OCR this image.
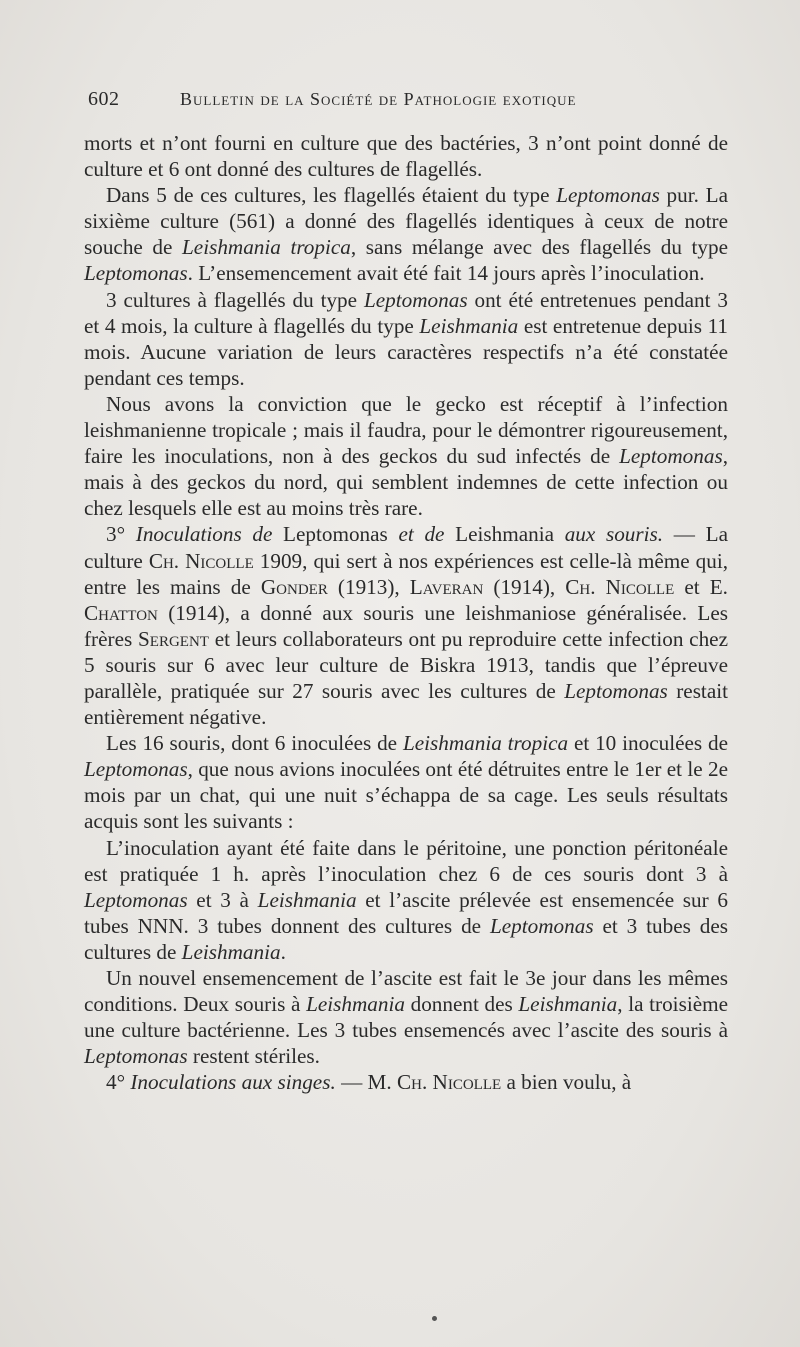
602	Bulletin de la Société de Pathologie exotique

morts et n’ont fourni en culture que des bactéries, 3 n’ont point donné de culture et 6 ont donné des cultures de flagellés.

Dans 5 de ces cultures, les flagellés étaient du type Leptomonas pur. La sixième culture (561) a donné des flagellés identiques à ceux de notre souche de Leishmania tropica, sans mélange avec des flagellés du type Leptomonas. L’ensemencement avait été fait 14 jours après l’inoculation.

3 cultures à flagellés du type Leptomonas ont été entretenues pendant 3 et 4 mois, la culture à flagellés du type Leishmania est entretenue depuis 11 mois. Aucune variation de leurs caractères respectifs n’a été constatée pendant ces temps.

Nous avons la conviction que le gecko est réceptif à l’infection leishmanienne tropicale ; mais il faudra, pour le démontrer rigoureusement, faire les inoculations, non à des geckos du sud infectés de Leptomonas, mais à des geckos du nord, qui semblent indemnes de cette infection ou chez lesquels elle est au moins très rare.

3° Inoculations de Leptomonas et de Leishmania aux souris. — La culture Ch. Nicolle 1909, qui sert à nos expériences est celle-là même qui, entre les mains de Gonder (1913), Laveran (1914), Ch. Nicolle et E. Chatton (1914), a donné aux souris une leishmaniose généralisée. Les frères Sergent et leurs collaborateurs ont pu reproduire cette infection chez 5 souris sur 6 avec leur culture de Biskra 1913, tandis que l’épreuve parallèle, pratiquée sur 27 souris avec les cultures de Leptomonas restait entièrement négative.

Les 16 souris, dont 6 inoculées de Leishmania tropica et 10 inoculées de Leptomonas, que nous avions inoculées ont été détruites entre le 1er et le 2e mois par un chat, qui une nuit s’échappa de sa cage. Les seuls résultats acquis sont les suivants :

L’inoculation ayant été faite dans le péritoine, une ponction péritonéale est pratiquée 1 h. après l’inoculation chez 6 de ces souris dont 3 à Leptomonas et 3 à Leishmania et l’ascite prélevée est ensemencée sur 6 tubes NNN. 3 tubes donnent des cultures de Leptomonas et 3 tubes des cultures de Leishmania.

Un nouvel ensemencement de l’ascite est fait le 3e jour dans les mêmes conditions. Deux souris à Leishmania donnent des Leishmania, la troisième une culture bactérienne. Les 3 tubes ensemencés avec l’ascite des souris à Leptomonas restent stériles.

4° Inoculations aux singes. — M. Ch. Nicolle a bien voulu, à
